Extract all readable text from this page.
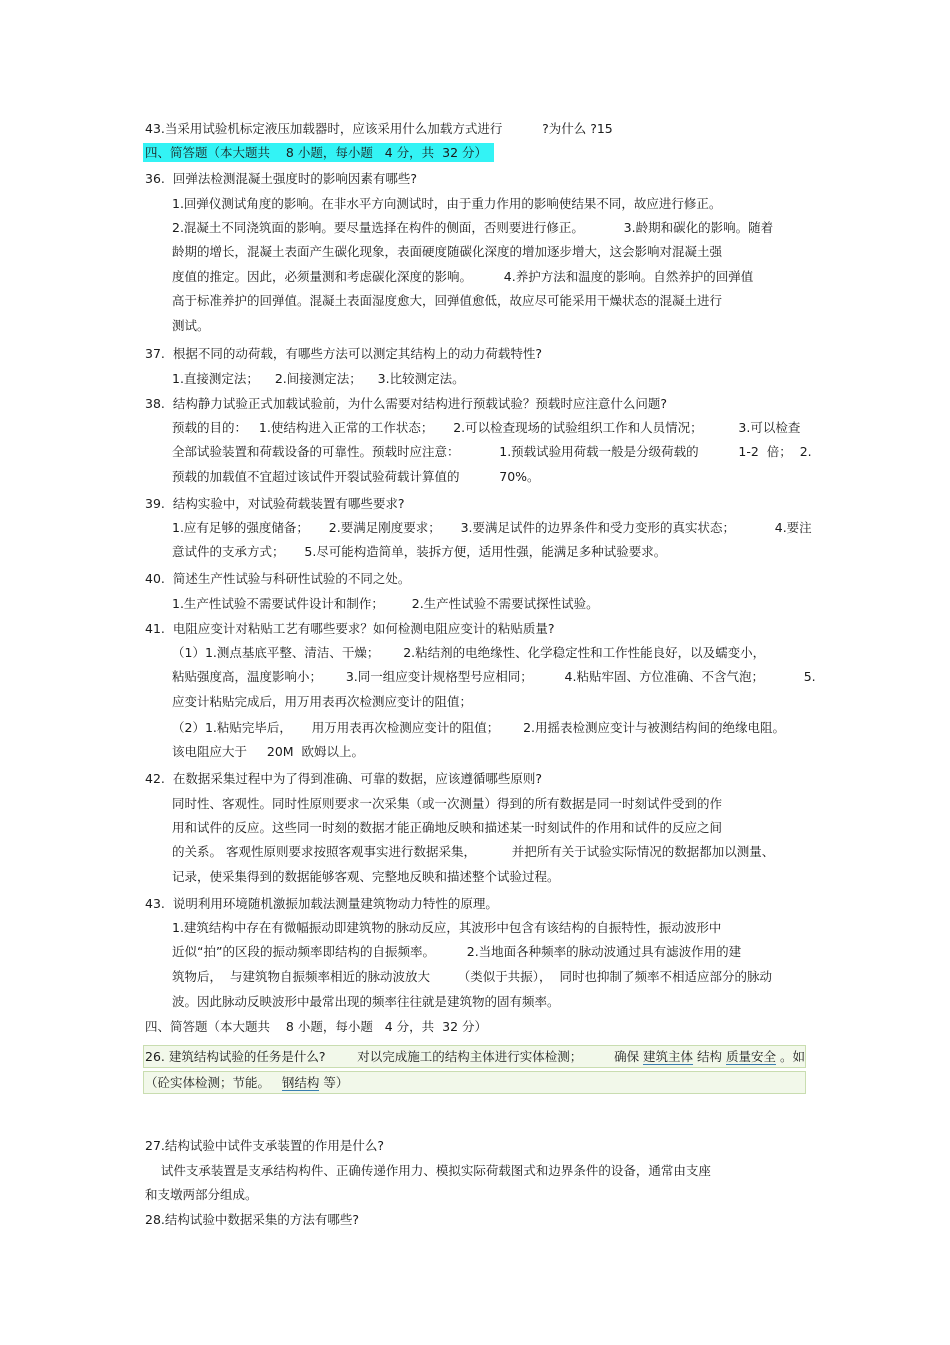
43.当采用试验机标定液压加载器时，应该采用什么加载方式进行          ?为什么 ?15
四、简答题（本大题共    8 小题，每小题   4 分，共  32 分）
36.  回弹法检测混凝土强度时的影响因素有哪些?
1.回弹仪测试角度的影响。在非水平方向测试时，由于重力作用的影响使结果不同，故应进行修正。
2.混凝土不同浇筑面的影响。要尽量选择在构件的侧面，否则要进行修正。          3.龄期和碳化的影响。随着
龄期的增长，混凝土表面产生碳化现象，表面硬度随碳化深度的增加逐步增大，这会影响对混凝土强
度值的推定。因此，必须量测和考虑碳化深度的影响。        4.养护方法和温度的影响。自然养护的回弹值
高于标准养护的回弹值。混凝土表面湿度愈大，回弹值愈低，故应尽可能采用干燥状态的混凝土进行
测试。
37.  根据不同的动荷载，有哪些方法可以测定其结构上的动力荷载特性?
1.直接测定法；    2.间接测定法；    3.比较测定法。
38.  结构静力试验正式加载试验前，为什么需要对结构进行预载试验？预载时应注意什么问题?
预载的目的：   1.使结构进入正常的工作状态；     2.可以检查现场的试验组织工作和人员情况；         3.可以检查
全部试验装置和荷载设备的可靠性。预载时应注意：          1.预载试验用荷载一般是分级荷载的          1-2  倍；  2.
预载的加载值不宜超过该试件开裂试验荷载计算值的          70%。
39.  结构实验中，对试验荷载装置有哪些要求?
1.应有足够的强度储备；     2.要满足刚度要求；     3.要满足试件的边界条件和受力变形的真实状态；          4.要注
意试件的支承方式；     5.尽可能构造简单，装拆方便，适用性强，能满足多种试验要求。
40.  简述生产性试验与科研性试验的不同之处。
1.生产性试验不需要试件设计和制作；       2.生产性试验不需要试探性试验。
41.  电阻应变计对粘贴工艺有哪些要求？如何检测电阻应变计的粘贴质量?
（1）1.测点基底平整、清洁、干燥；      2.粘结剂的电绝缘性、化学稳定性和工作性能良好，以及蠕变小，
粘贴强度高，温度影响小；      3.同一组应变计规格型号应相同；        4.粘贴牢固、方位准确、不含气泡；          5.
应变计粘贴完成后，用万用表再次检测应变计的阻值；
（2）1.粘贴完毕后，     用万用表再次检测应变计的阻值；      2.用摇表检测应变计与被测结构间的绝缘电阻。
该电阻应大于     20M  欧姆以上。
42.  在数据采集过程中为了得到准确、可靠的数据，应该遵循哪些原则?
同时性、客观性。同时性原则要求一次采集（或一次测量）得到的所有数据是同一时刻试件受到的作
用和试件的反应。这些同一时刻的数据才能正确地反映和描述某一时刻试件的作用和试件的反应之间
的关系。 客观性原则要求按照客观事实进行数据采集，         并把所有关于试验实际情况的数据都加以测量、
记录，使采集得到的数据能够客观、完整地反映和描述整个试验过程。
43.  说明利用环境随机激振加载法测量建筑物动力特性的原理。
1.建筑结构中存在有微幅振动即建筑物的脉动反应，其波形中包含有该结构的自振特性，振动波形中
近似“拍”的区段的振动频率即结构的自振频率。        2.当地面各种频率的脉动波通过具有滤波作用的建
筑物后，  与建筑物自振频率相近的脉动波放大       （类似于共振），  同时也抑制了频率不相适应部分的脉动
波。因此脉动反映波形中最常出现的频率往往就是建筑物的固有频率。
四、简答题（本大题共    8 小题，每小题   4 分，共  32 分）
26. 建筑结构试验的任务是什么?        对以完成施工的结构主体进行实体检测；        确保 建筑主体 结构 质量安全 。如
（砼实体检测；节能。   钢结构 等）
27.结构试验中试件支承装置的作用是什么?
试件支承装置是支承结构构件、正确传递作用力、模拟实际荷载图式和边界条件的设备，通常由支座
和支墩两部分组成。
28.结构试验中数据采集的方法有哪些?
